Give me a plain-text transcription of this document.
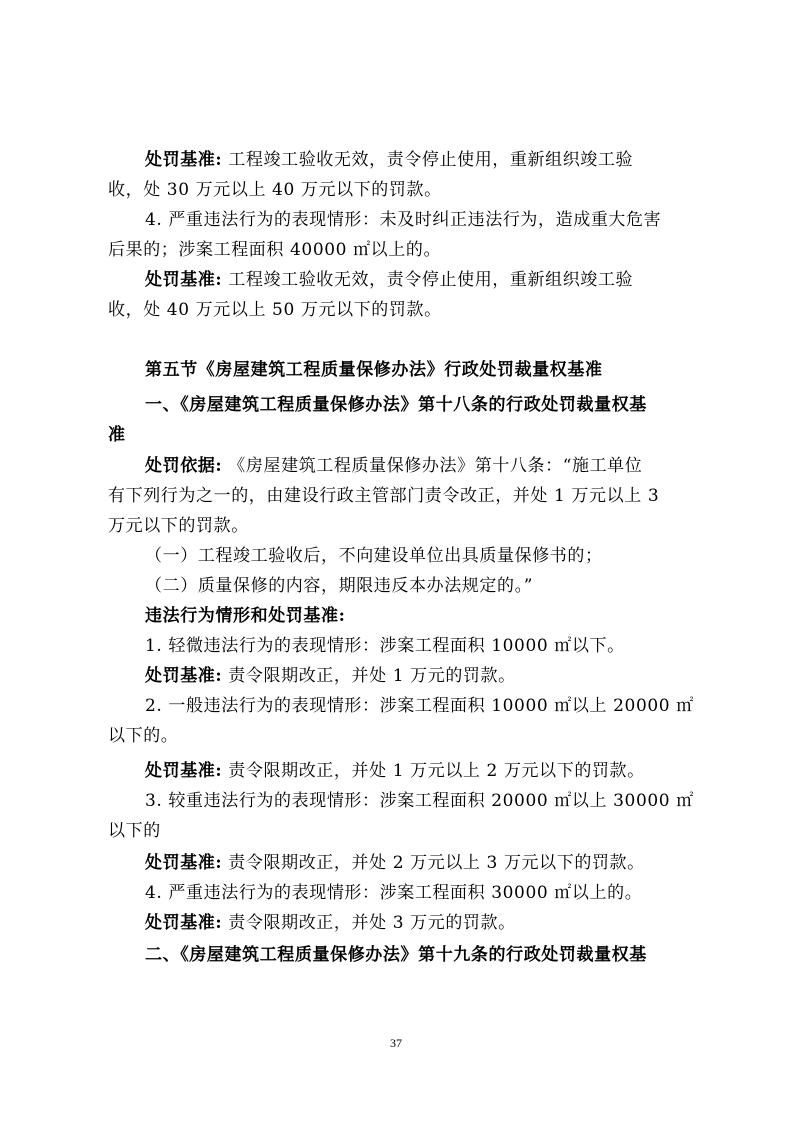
处罚基准: 工程竣工验收无效，责令停止使用，重新组织竣工验
收，处 30 万元以上 40 万元以下的罚款。
4. 严重违法行为的表现情形：未及时纠正违法行为，造成重大危害
后果的；涉案工程面积 40000 ㎡以上的。
处罚基准: 工程竣工验收无效，责令停止使用，重新组织竣工验
收，处 40 万元以上 50 万元以下的罚款。
第五节《房屋建筑工程质量保修办法》行政处罚裁量权基准
一、《房屋建筑工程质量保修办法》第十八条的行政处罚裁量权基
准
处罚依据: 《房屋建筑工程质量保修办法》第十八条：“施工单位
有下列行为之一的，由建设行政主管部门责令改正，并处 1 万元以上 3
万元以下的罚款。
（一）工程竣工验收后，不向建设单位出具质量保修书的；
（二）质量保修的内容，期限违反本办法规定的。”
违法行为情形和处罚基准:
1. 轻微违法行为的表现情形：涉案工程面积 10000 ㎡以下。
处罚基准: 责令限期改正，并处 1 万元的罚款。
2. 一般违法行为的表现情形：涉案工程面积 10000 ㎡以上 20000 ㎡
以下的。
处罚基准: 责令限期改正，并处 1 万元以上 2 万元以下的罚款。
3. 较重违法行为的表现情形：涉案工程面积 20000 ㎡以上 30000 ㎡
以下的
处罚基准: 责令限期改正，并处 2 万元以上 3 万元以下的罚款。
4. 严重违法行为的表现情形：涉案工程面积 30000 ㎡以上的。
处罚基准: 责令限期改正，并处 3 万元的罚款。
二、《房屋建筑工程质量保修办法》第十九条的行政处罚裁量权基
37
